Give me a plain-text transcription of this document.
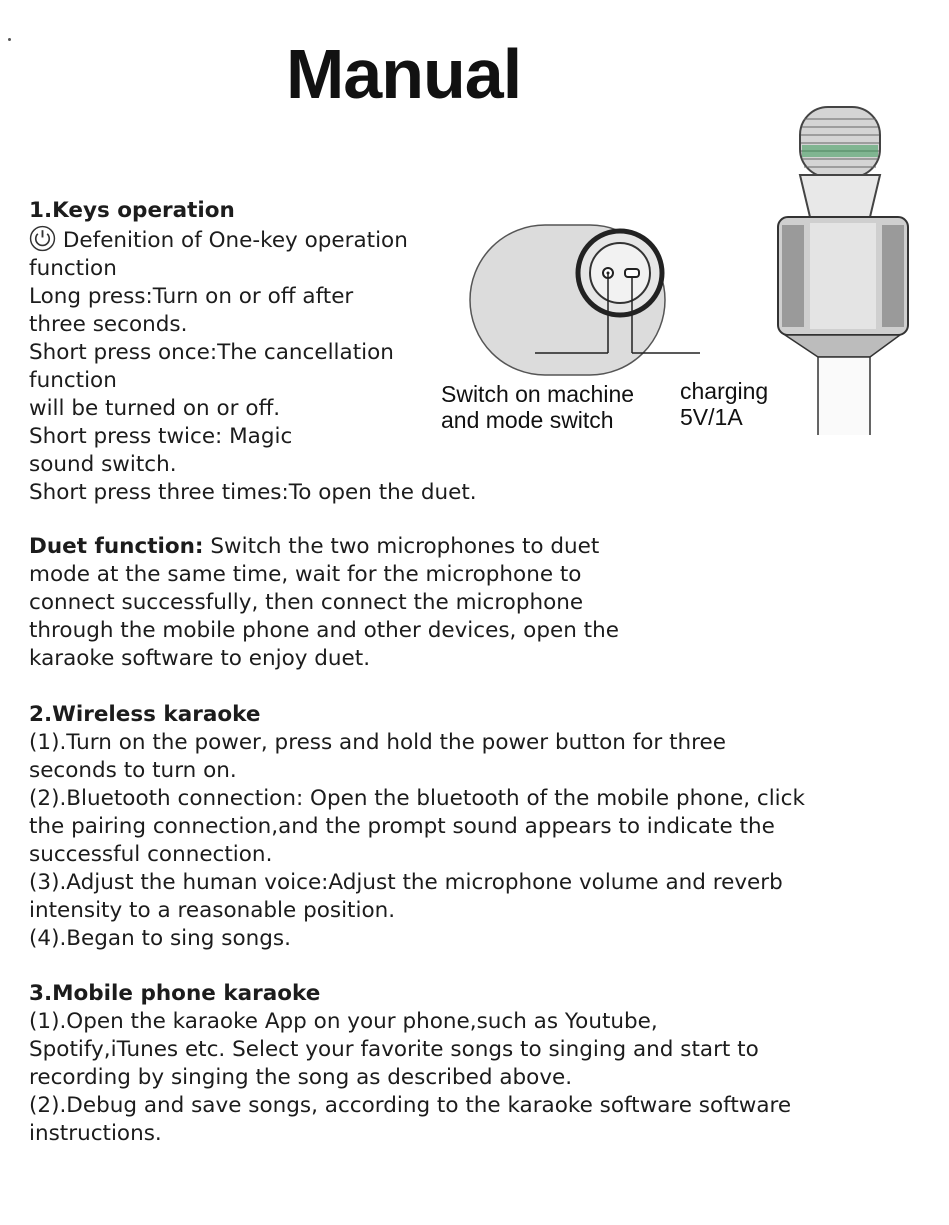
Manual
Switch on machine
and mode switch
charging
5V/1A
1.Keys operation
Defenition of One-key operation
function
Long press:Turn on or off after
three seconds.
Short press once:The cancellation
function
will be turned on or off.
Short press twice: Magic
sound switch.
Short press three times:To open the duet.
Duet function: Switch the two microphones to duet
mode at the same time, wait for the microphone to
connect successfully, then connect the microphone
through the mobile phone and other devices, open the
karaoke software to enjoy duet.
2.Wireless karaoke
(1).Turn on the power, press and hold the power button for three
seconds to turn on.
(2).Bluetooth connection: Open the bluetooth of the mobile phone, click
the pairing connection,and the prompt sound appears to indicate the
successful connection.
(3).Adjust the human voice:Adjust the microphone volume and reverb
intensity to a reasonable position.
(4).Began to sing songs.
3.Mobile phone karaoke
(1).Open the karaoke App on your phone,such as Youtube,
Spotify,iTunes etc. Select your favorite songs to singing and start to
recording by singing the song as described above.
(2).Debug and save songs, according to the karaoke software software
instructions.
